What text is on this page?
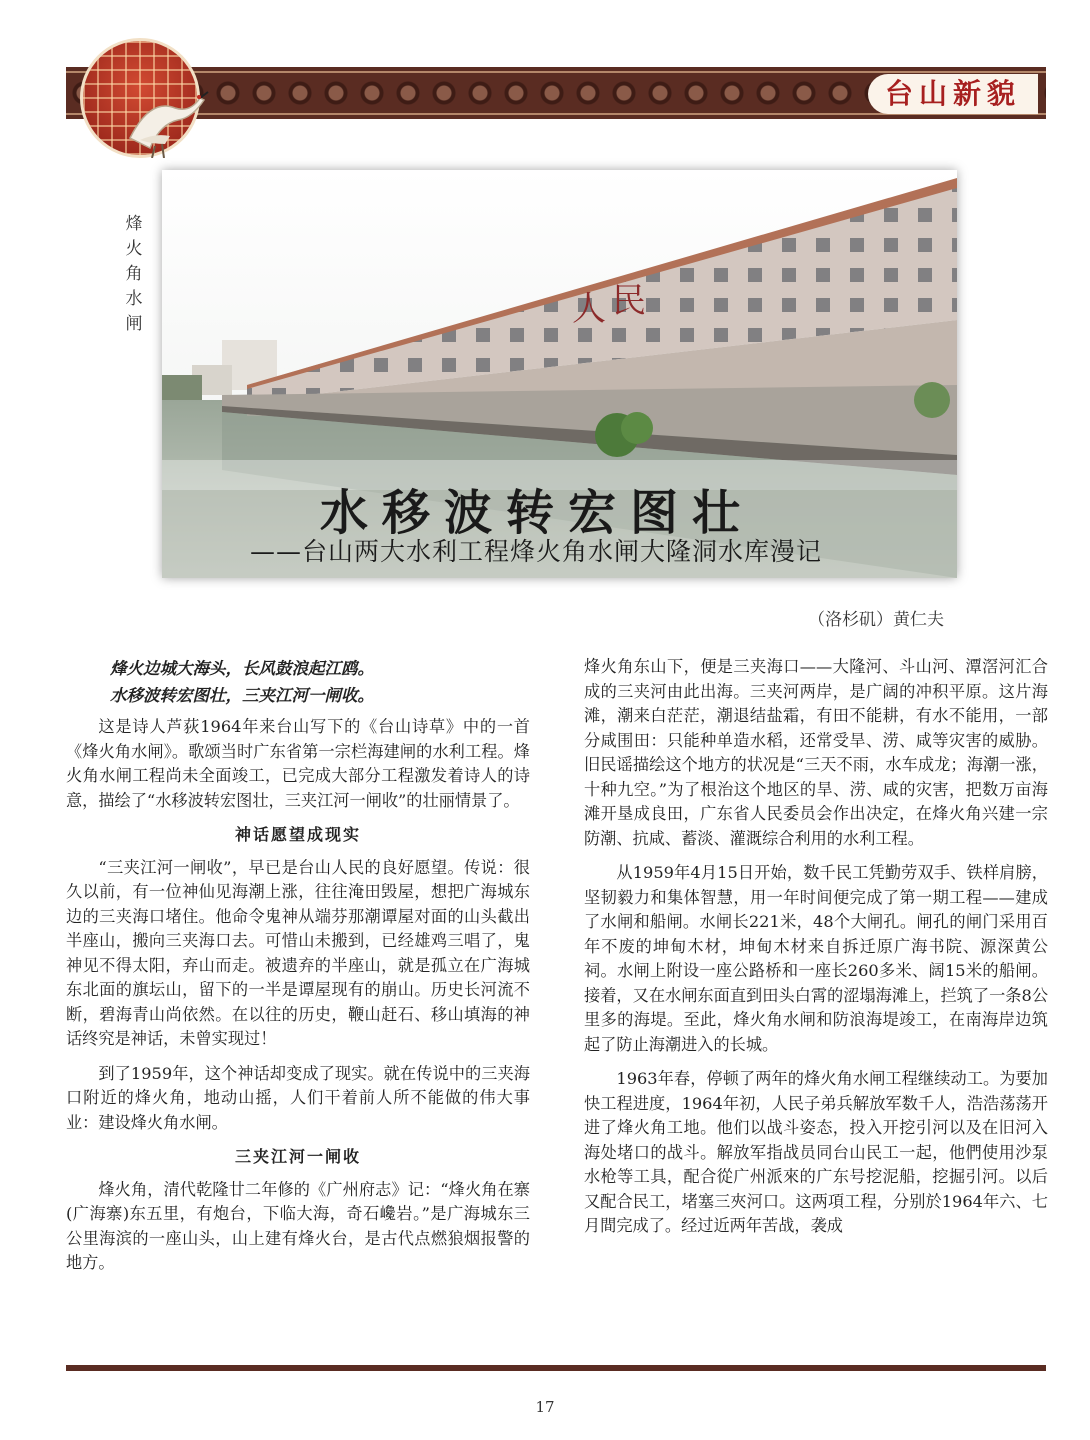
台山新貌
烽
火
角
水
闸	人 民
水移波转宏图壮
——台山两大水利工程烽火角水闸大隆洞水库漫记
（洛杉矶）黄仁夫
烽火边城大海头，长风鼓浪起江鸥。
水移波转宏图壮，三夹江河一闸收。

这是诗人芦荻1964年来台山写下的《台山诗草》中的一首《烽火角水闸》。歌颂当时广东省第一宗栏海建闸的水利工程。烽火角水闸工程尚未全面竣工，已完成大部分工程激发着诗人的诗意，描绘了“水移波转宏图壮，三夹江河一闸收”的壮丽情景了。

神话愿望成现实

“三夹江河一闸收”，早已是台山人民的良好愿望。传说：很久以前，有一位神仙见海潮上涨，往往淹田毁屋，想把广海城东边的三夹海口堵住。他命令鬼神从端芬那潮谭屋对面的山头截出半座山，搬向三夹海口去。可惜山未搬到，已经雄鸡三唱了，鬼神见不得太阳，弃山而走。被遗弃的半座山，就是孤立在广海城东北面的旗坛山，留下的一半是谭屋现有的崩山。历史长河流不断，碧海青山尚依然。在以往的历史，鞭山赶石、移山填海的神话终究是神话，未曾实现过！

到了1959年，这个神话却变成了现实。就在传说中的三夹海口附近的烽火角，地动山摇，人们干着前人所不能做的伟大事业：建设烽火角水闸。

三夹江河一闸收

烽火角，清代乾隆廿二年修的《广州府志》记：“烽火角在寨(广海寨)东五里，有炮台，下临大海，奇石巉岩。”是广海城东三公里海滨的一座山头，山上建有烽火台，是古代点燃狼烟报警的地方。

烽火角东山下，便是三夹海口——大隆河、斗山河、潭滘河汇合成的三夹河由此出海。三夹河两岸，是广阔的冲积平原。这片海滩，潮来白茫茫，潮退结盐霜，有田不能耕，有水不能用，一部分咸围田：只能种单造水稻，还常受旱、涝、咸等灾害的威胁。旧民谣描绘这个地方的状况是“三天不雨，水车成龙；海潮一涨，十种九空。”为了根治这个地区的旱、涝、咸的灾害，把数万亩海滩开垦成良田，广东省人民委员会作出决定，在烽火角兴建一宗防潮、抗咸、蓄淡、灌溉综合利用的水利工程。

从1959年4月15日开始，数千民工凭勤劳双手、铁样肩膀，坚韧毅力和集体智慧，用一年时间便完成了第一期工程——建成了水闸和船闸。水闸长221米，48个大闸孔。闸孔的闸门采用百年不废的坤甸木材，坤甸木材来自拆迁原广海书院、源深黄公祠。水闸上附设一座公路桥和一座长260多米、阔15米的船闸。接着，又在水闸东面直到田头白霄的涩塌海滩上，拦筑了一条8公里多的海堤。至此，烽火角水闸和防浪海堤竣工，在南海岸边筑起了防止海潮进入的长城。

1963年春，停顿了两年的烽火角水闸工程继续动工。为要加快工程进度，1964年初，人民子弟兵解放军数千人，浩浩荡荡开进了烽火角工地。他们以战斗姿态，投入开挖引河以及在旧河入海处堵口的战斗。解放军指战员同台山民工一起，他們使用沙泵水枪等工具，配合從广州派來的广东号挖泥船，挖掘引河。以后又配合民工，堵塞三夾河口。这两項工程，分别於1964年六、七月間完成了。经过近两年苦战，袭成

17
